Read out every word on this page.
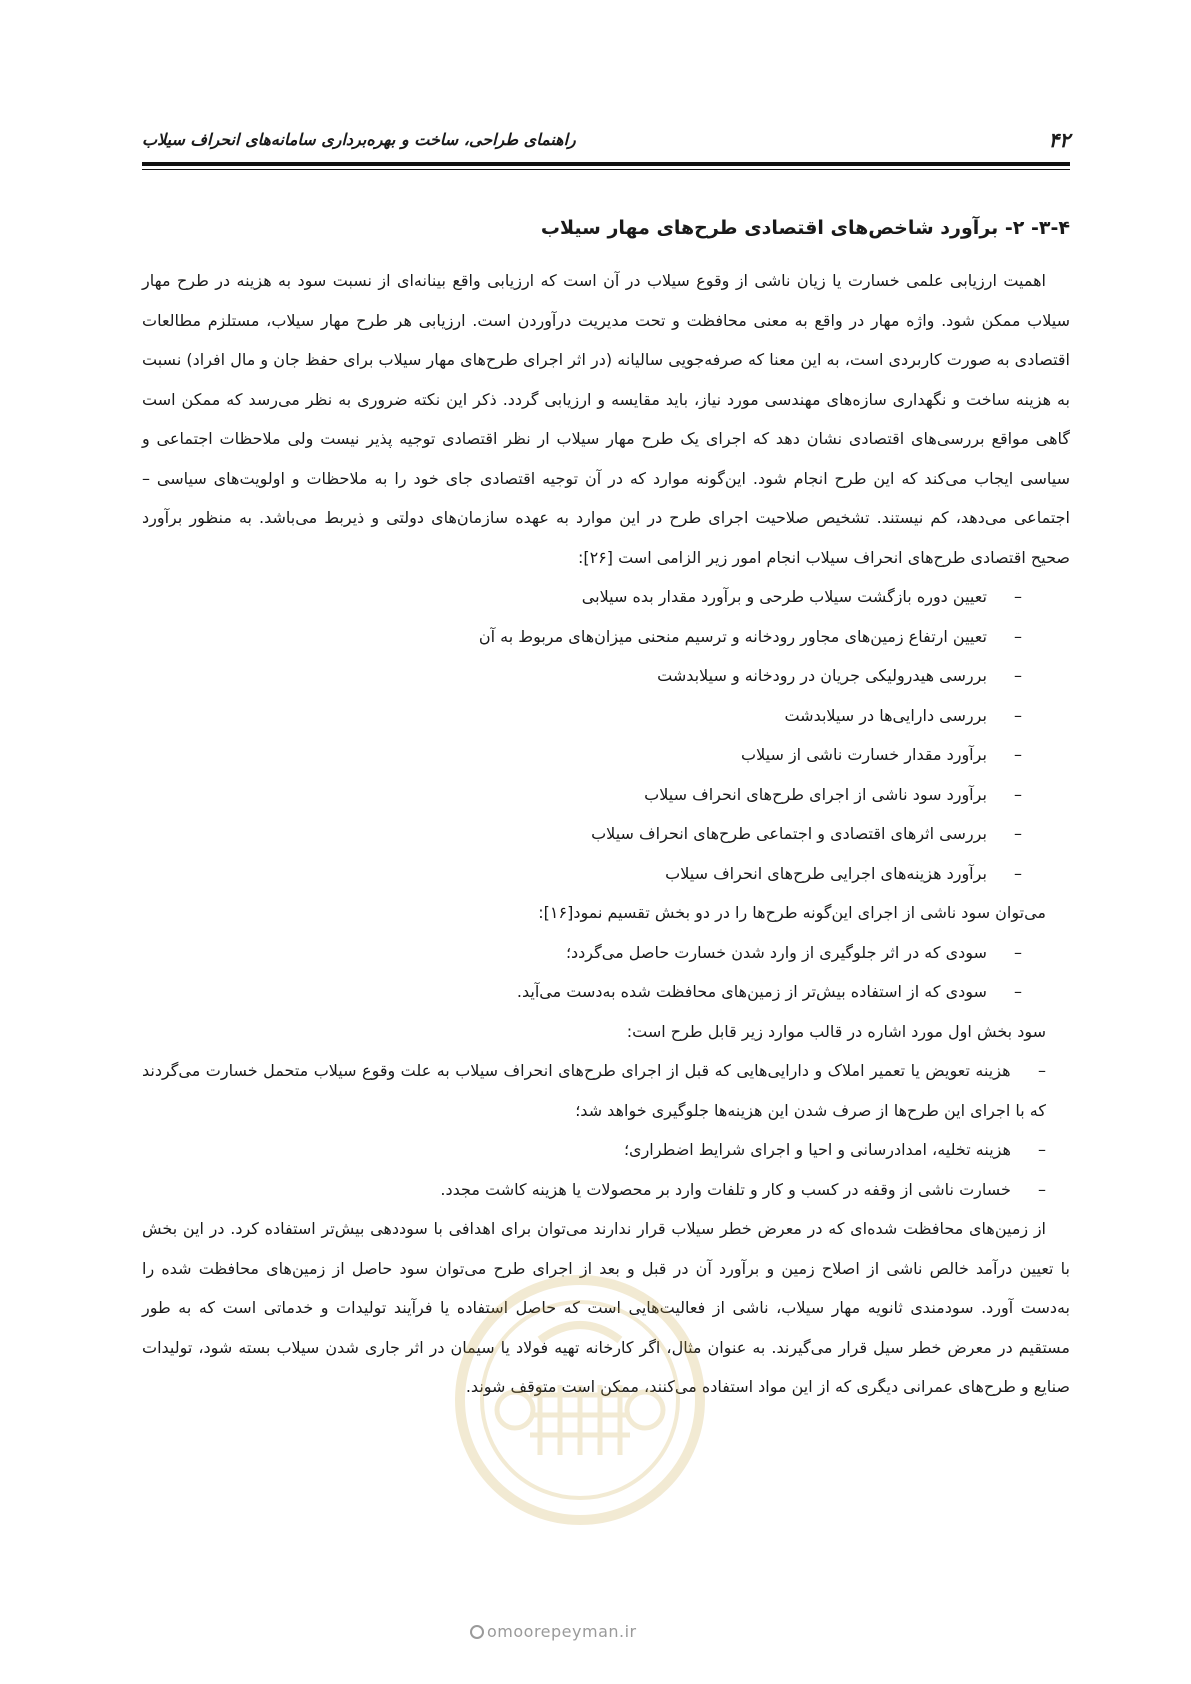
۴۲
راهنمای طراحی، ساخت و بهره‌برداری سامانه‌های انحراف سیلاب
۳-۴- ۲- برآورد شاخص‌های اقتصادی طرح‌های مهار سیلاب

اهمیت ارزیابی علمی خسارت یا زیان ناشی از وقوع سیلاب در آن است که ارزیابی واقع بینانه‌ای از نسبت سود به هزینه در طرح مهار سیلاب ممکن شود. واژه مهار در واقع به معنی محافظت و تحت مدیریت درآوردن است. ارزیابی هر طرح مهار سیلاب، مستلزم مطالعات اقتصادی به صورت کاربردی است، به این معنا که صرفه‌جویی سالیانه (در اثر اجرای طرح‌های مهار سیلاب برای حفظ جان و مال افراد) نسبت به هزینه ساخت و نگهداری سازه‌های مهندسی مورد نیاز، باید مقایسه و ارزیابی گردد. ذکر این نکته ضروری به نظر می‌رسد که ممکن است گاهی مواقع بررسی‌های اقتصادی نشان دهد که اجرای یک طرح مهار سیلاب ار نظر اقتصادی توجیه پذیر نیست ولی ملاحظات اجتماعی و سیاسی ایجاب می‌کند که این طرح انجام شود. این‌گونه موارد که در آن توجیه اقتصادی جای خود را به ملاحظات و اولویت‌های سیاسی – اجتماعی می‌دهد، کم نیستند. تشخیص صلاحیت اجرای طرح در این موارد به عهده سازمان‌های دولتی و ذیربط می‌باشد. به منظور برآورد صحیح اقتصادی طرح‌های انحراف سیلاب انجام امور زیر الزامی است [۲۶]:

– تعیین دوره بازگشت سیلاب طرحی و برآورد مقدار بده سیلابی
– تعیین ارتفاع زمین‌های مجاور رودخانه و ترسیم منحنی میزان‌های مربوط به آن
– بررسی هیدرولیکی جریان در رودخانه و سیلابدشت
– بررسی دارایی‌ها در سیلابدشت
– برآورد مقدار خسارت ناشی از سیلاب
– برآورد سود ناشی از اجرای طرح‌های انحراف سیلاب
– بررسی اثرهای اقتصادی و اجتماعی طرح‌های انحراف سیلاب
– برآورد هزینه‌های اجرایی طرح‌های انحراف سیلاب

می‌توان سود ناشی از اجرای این‌گونه طرح‌ها را در دو بخش تقسیم نمود[۱۶]:

– سودی که در اثر جلوگیری از وارد شدن خسارت حاصل می‌گردد؛
– سودی که از استفاده بیش‌تر از زمین‌های محافظت شده به‌دست می‌آید.

سود بخش اول مورد اشاره در قالب موارد زیر قابل طرح است:

– هزینه تعویض یا تعمیر املاک و دارایی‌هایی که قبل از اجرای طرح‌های انحراف سیلاب به علت وقوع سیلاب متحمل خسارت می‌گردند که با اجرای این طرح‌ها از صرف شدن این هزینه‌ها جلوگیری خواهد شد؛
– هزینه تخلیه، امدادرسانی و احیا و اجرای شرایط اضطراری؛
– خسارت ناشی از وقفه در کسب و کار و تلفات وارد بر محصولات یا هزینه کاشت مجدد.

از زمین‌های محافظت شده‌ای که در معرض خطر سیلاب قرار ندارند می‌توان برای اهدافی با سوددهی بیش‌تر استفاده کرد. در این بخش با تعیین درآمد خالص ناشی از اصلاح زمین و برآورد آن در قبل و بعد از اجرای طرح می‌توان سود حاصل از زمین‌های محافظت شده را به‌دست آورد. سودمندی ثانویه مهار سیلاب، ناشی از فعالیت‌هایی است که حاصل استفاده یا فرآیند تولیدات و خدماتی است که به طور مستقیم در معرض خطر سیل قرار می‌گیرند. به عنوان مثال، اگر کارخانه تهیه فولاد یا سیمان در اثر جاری شدن سیلاب بسته شود، تولیدات صنایع و طرح‌های عمرانی دیگری که از این مواد استفاده می‌کنند، ممکن است متوقف شوند.

omoorepeyman.ir
